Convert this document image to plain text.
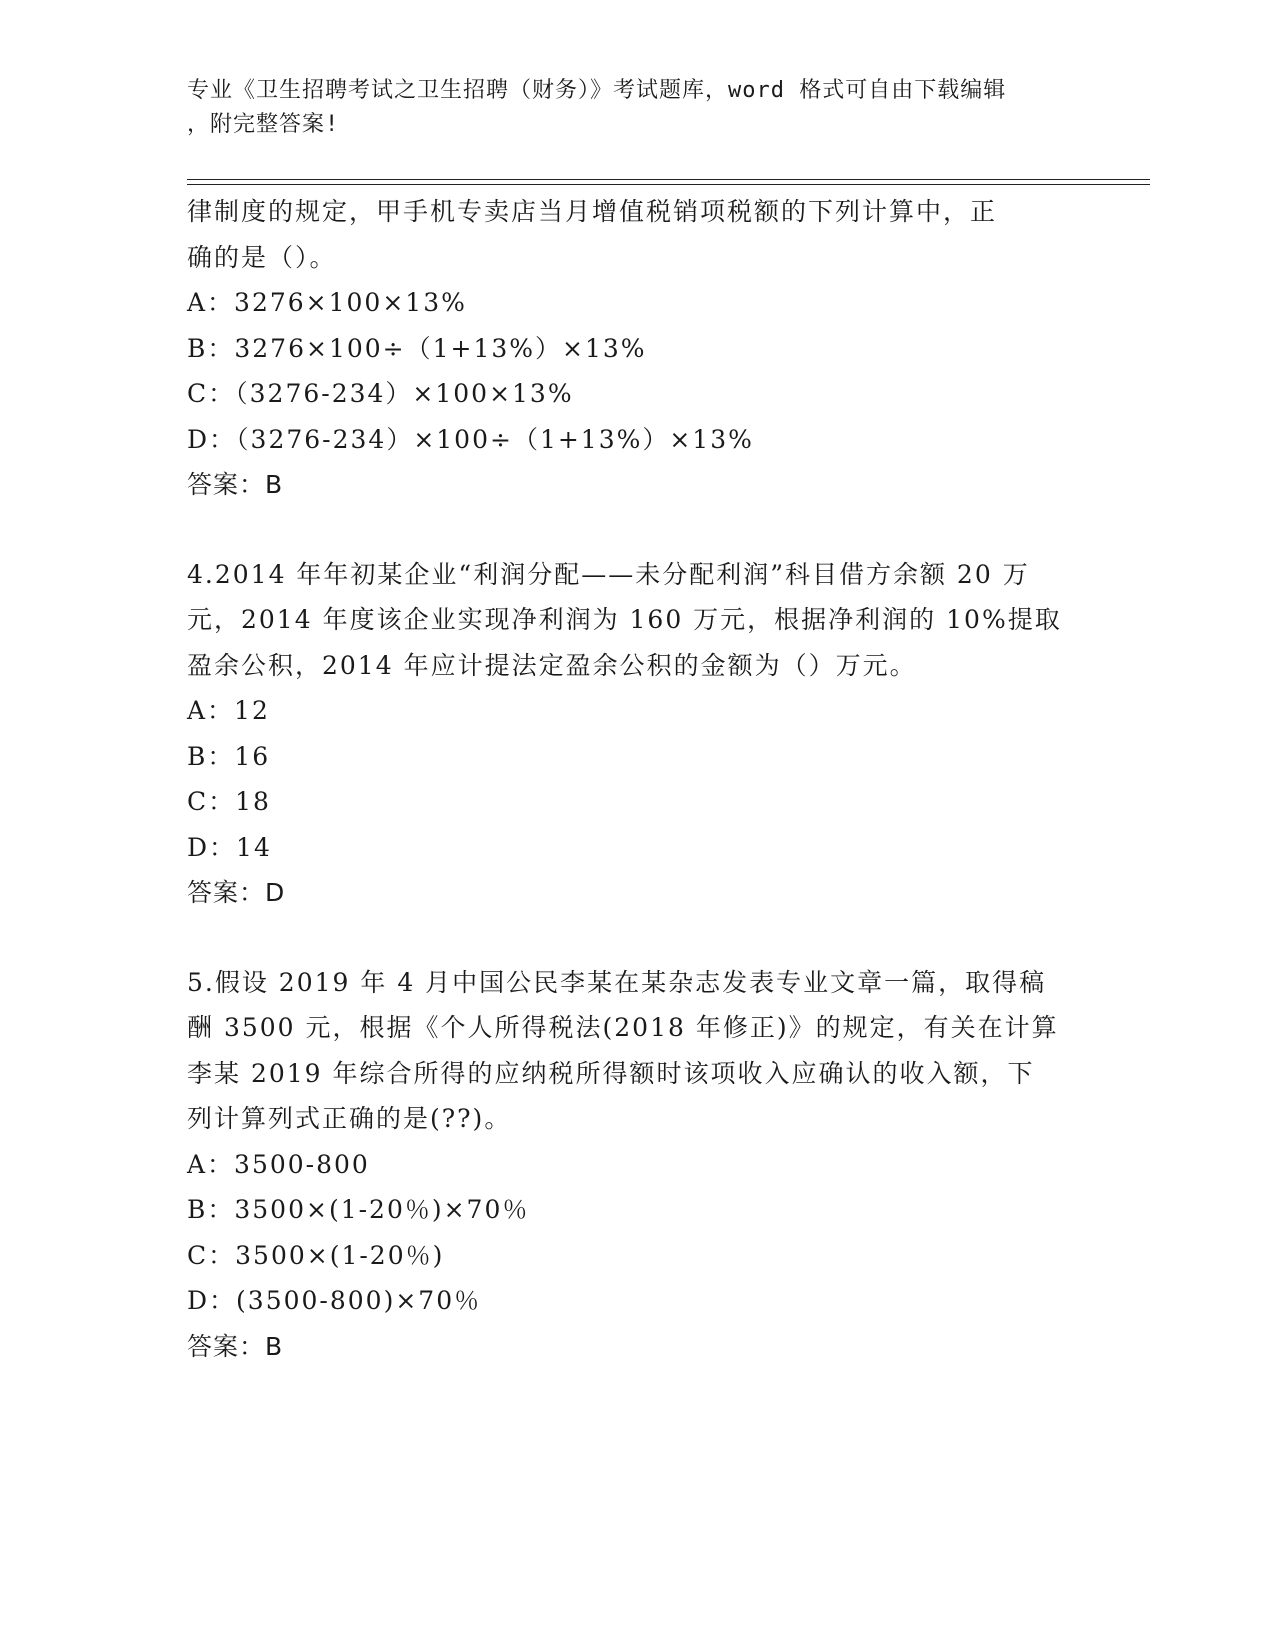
专业《卫生招聘考试之卫生招聘（财务）》考试题库，word 格式可自由下载编辑
，附完整答案!
律制度的规定，甲手机专卖店当月增值税销项税额的下列计算中，正
确的是（）。
A：3276×100×13%
B：3276×100÷（1+13%）×13%
C：（3276-234）×100×13%
D：（3276-234）×100÷（1+13%）×13%
答案：B
4.2014 年年初某企业“利润分配——未分配利润”科目借方余额 20 万
元，2014 年度该企业实现净利润为 160 万元，根据净利润的 10%提取
盈余公积，2014 年应计提法定盈余公积的金额为（）万元。
A：12
B：16
C：18
D：14
答案：D
5.假设 2019 年 4 月中国公民李某在某杂志发表专业文章一篇，取得稿
酬 3500 元，根据《个人所得税法(2018 年修正)》的规定，有关在计算
李某 2019 年综合所得的应纳税所得额时该项收入应确认的收入额，下
列计算列式正确的是(??)。
A：3500-800
B：3500×(1-20％)×70％
C：3500×(1-20％)
D：(3500-800)×70％
答案：B
